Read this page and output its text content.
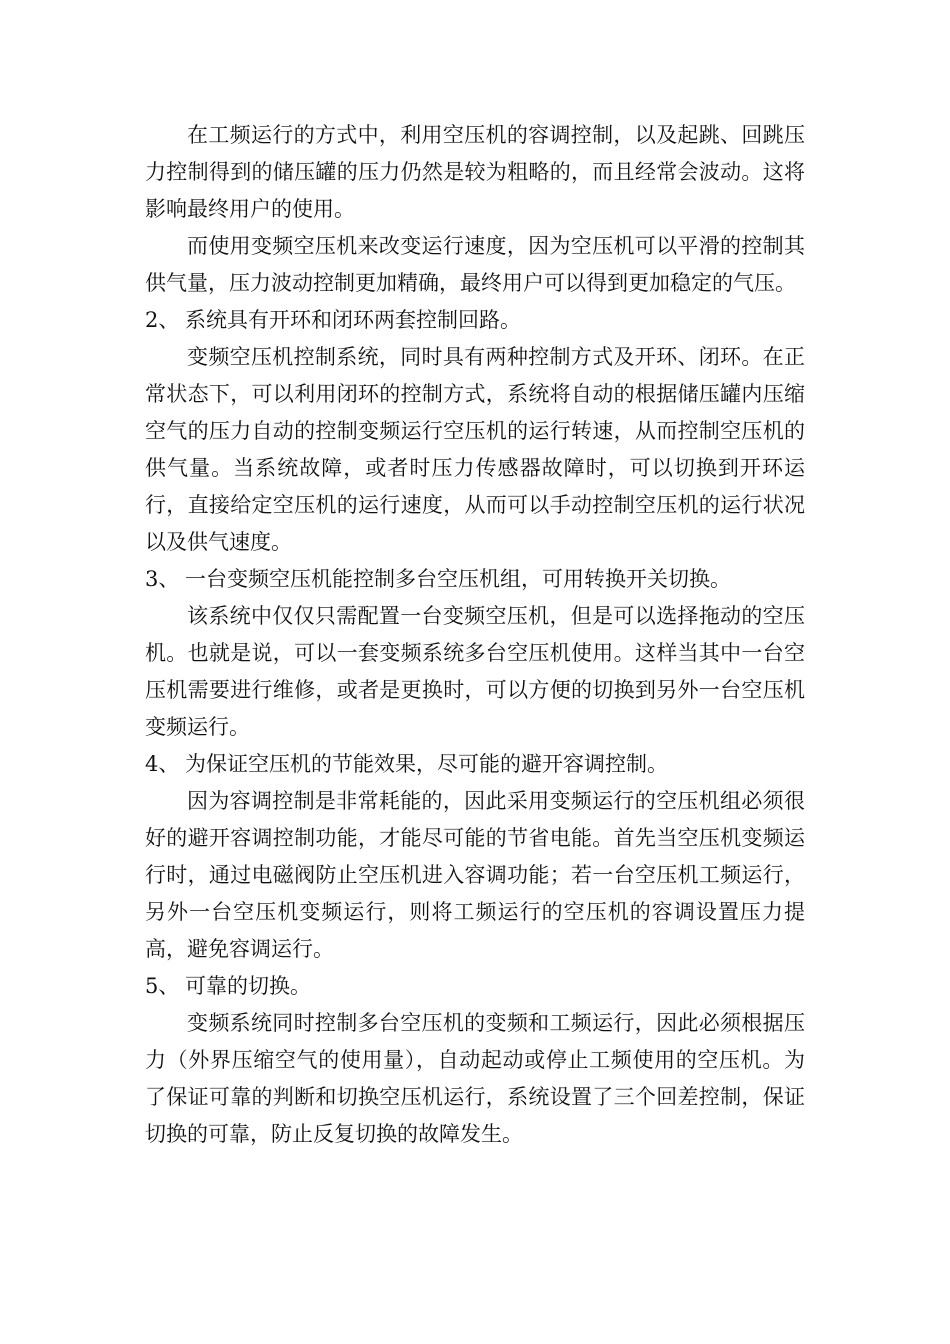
在工频运行的方式中，利用空压机的容调控制，以及起跳、回跳压力控制得到的储压罐的压力仍然是较为粗略的，而且经常会波动。这将影响最终用户的使用。

而使用变频空压机来改变运行速度，因为空压机可以平滑的控制其供气量，压力波动控制更加精确，最终用户可以得到更加稳定的气压。

2、 系统具有开环和闭环两套控制回路。

变频空压机控制系统，同时具有两种控制方式及开环、闭环。在正常状态下，可以利用闭环的控制方式，系统将自动的根据储压罐内压缩空气的压力自动的控制变频运行空压机的运行转速，从而控制空压机的供气量。当系统故障，或者时压力传感器故障时，可以切换到开环运行，直接给定空压机的运行速度，从而可以手动控制空压机的运行状况以及供气速度。

3、 一台变频空压机能控制多台空压机组，可用转换开关切换。

该系统中仅仅只需配置一台变频空压机，但是可以选择拖动的空压机。也就是说，可以一套变频系统多台空压机使用。这样当其中一台空压机需要进行维修，或者是更换时，可以方便的切换到另外一台空压机变频运行。

4、 为保证空压机的节能效果，尽可能的避开容调控制。

因为容调控制是非常耗能的，因此采用变频运行的空压机组必须很好的避开容调控制功能，才能尽可能的节省电能。首先当空压机变频运行时，通过电磁阀防止空压机进入容调功能；若一台空压机工频运行，另外一台空压机变频运行，则将工频运行的空压机的容调设置压力提高，避免容调运行。

5、 可靠的切换。

变频系统同时控制多台空压机的变频和工频运行，因此必须根据压力（外界压缩空气的使用量），自动起动或停止工频使用的空压机。为了保证可靠的判断和切换空压机运行，系统设置了三个回差控制，保证切换的可靠，防止反复切换的故障发生。
